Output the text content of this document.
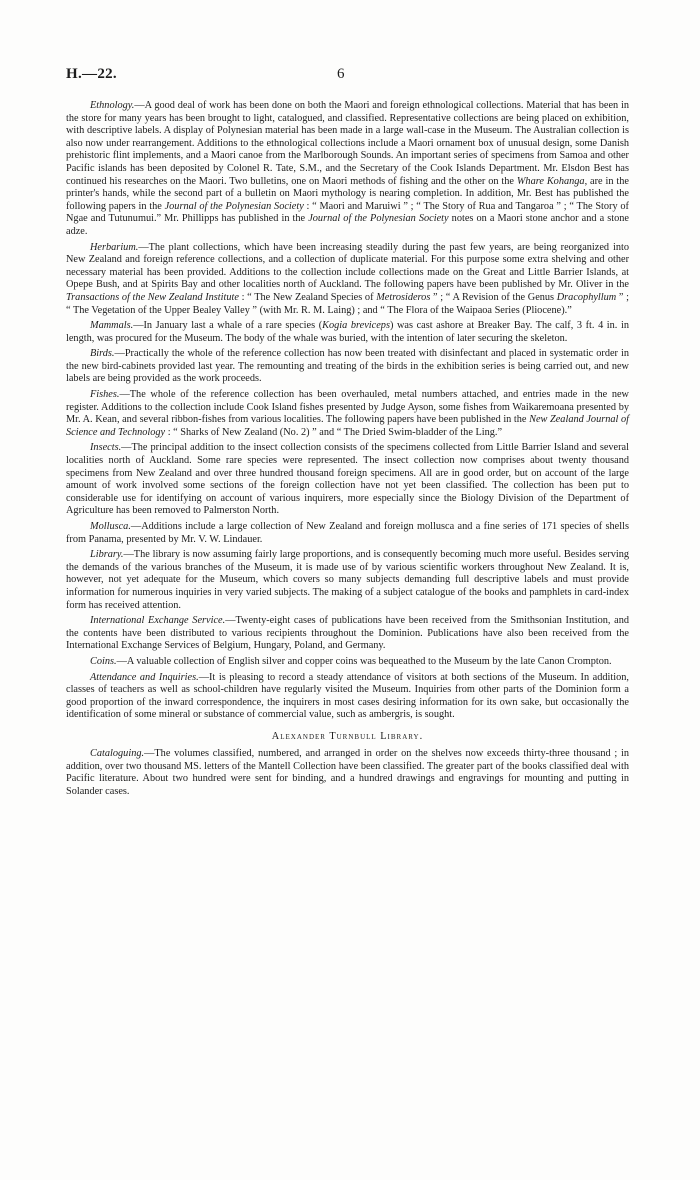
H.—22.	6

Ethnology.—A good deal of work has been done on both the Maori and foreign ethnological collections. Material that has been in the store for many years has been brought to light, catalogued, and classified. Representative collections are being placed on exhibition, with descriptive labels. A display of Polynesian material has been made in a large wall-case in the Museum. The Australian collection is also now under rearrangement. Additions to the ethnological collections include a Maori ornament box of unusual design, some Danish prehistoric flint implements, and a Maori canoe from the Marlborough Sounds. An important series of specimens from Samoa and other Pacific islands has been deposited by Colonel R. Tate, S.M., and the Secretary of the Cook Islands Department. Mr. Elsdon Best has continued his researches on the Maori. Two bulletins, one on Maori methods of fishing and the other on the Whare Kohanga, are in the printer's hands, while the second part of a bulletin on Maori mythology is nearing completion. In addition, Mr. Best has published the following papers in the Journal of the Polynesian Society : “ Maori and Maruiwi ” ; “ The Story of Rua and Tangaroa ” ; “ The Story of Ngae and Tutunumui.” Mr. Phillipps has published in the Journal of the Polynesian Society notes on a Maori stone anchor and a stone adze.

Herbarium.—The plant collections, which have been increasing steadily during the past few years, are being reorganized into New Zealand and foreign reference collections, and a collection of duplicate material. For this purpose some extra shelving and other necessary material has been provided. Additions to the collection include collections made on the Great and Little Barrier Islands, at Opepe Bush, and at Spirits Bay and other localities north of Auckland. The following papers have been published by Mr. Oliver in the Transactions of the New Zealand Institute : “ The New Zealand Species of Metrosideros ” ; “ A Revision of the Genus Dracophyllum ” ; “ The Vegetation of the Upper Bealey Valley ” (with Mr. R. M. Laing) ; and “ The Flora of the Waipaoa Series (Pliocene).”

Mammals.—In January last a whale of a rare species (Kogia breviceps) was cast ashore at Breaker Bay. The calf, 3 ft. 4 in. in length, was procured for the Museum. The body of the whale was buried, with the intention of later securing the skeleton.

Birds.—Practically the whole of the reference collection has now been treated with disinfectant and placed in systematic order in the new bird-cabinets provided last year. The remounting and treating of the birds in the exhibition series is being carried out, and new labels are being provided as the work proceeds.

Fishes.—The whole of the reference collection has been overhauled, metal numbers attached, and entries made in the new register. Additions to the collection include Cook Island fishes presented by Judge Ayson, some fishes from Waikaremoana presented by Mr. A. Kean, and several ribbon-fishes from various localities. The following papers have been published in the New Zealand Journal of Science and Technology : “ Sharks of New Zealand (No. 2) ” and “ The Dried Swim-bladder of the Ling.”

Insects.—The principal addition to the insect collection consists of the specimens collected from Little Barrier Island and several localities north of Auckland. Some rare species were represented. The insect collection now comprises about twenty thousand specimens from New Zealand and over three hundred thousand foreign specimens. All are in good order, but on account of the large amount of work involved some sections of the foreign collection have not yet been classified. The collection has been put to considerable use for identifying on account of various inquirers, more especially since the Biology Division of the Department of Agriculture has been removed to Palmerston North.

Mollusca.—Additions include a large collection of New Zealand and foreign mollusca and a fine series of 171 species of shells from Panama, presented by Mr. V. W. Lindauer.

Library.—The library is now assuming fairly large proportions, and is consequently becoming much more useful. Besides serving the demands of the various branches of the Museum, it is made use of by various scientific workers throughout New Zealand. It is, however, not yet adequate for the Museum, which covers so many subjects demanding full descriptive labels and must provide information for numerous inquiries in very varied subjects. The making of a subject catalogue of the books and pamphlets in card-index form has received attention.

International Exchange Service.—Twenty-eight cases of publications have been received from the Smithsonian Institution, and the contents have been distributed to various recipients throughout the Dominion. Publications have also been received from the International Exchange Services of Belgium, Hungary, Poland, and Germany.

Coins.—A valuable collection of English silver and copper coins was bequeathed to the Museum by the late Canon Crompton.

Attendance and Inquiries.—It is pleasing to record a steady attendance of visitors at both sections of the Museum. In addition, classes of teachers as well as school-children have regularly visited the Museum. Inquiries from other parts of the Dominion form a good proportion of the inward correspondence, the inquirers in most cases desiring information for its own sake, but occasionally the identification of some mineral or substance of commercial value, such as ambergris, is sought.

Alexander Turnbull Library.

Cataloguing.—The volumes classified, numbered, and arranged in order on the shelves now exceeds thirty-three thousand ; in addition, over two thousand MS. letters of the Mantell Collection have been classified. The greater part of the books classified deal with Pacific literature. About two hundred were sent for binding, and a hundred drawings and engravings for mounting and putting in Solander cases.
